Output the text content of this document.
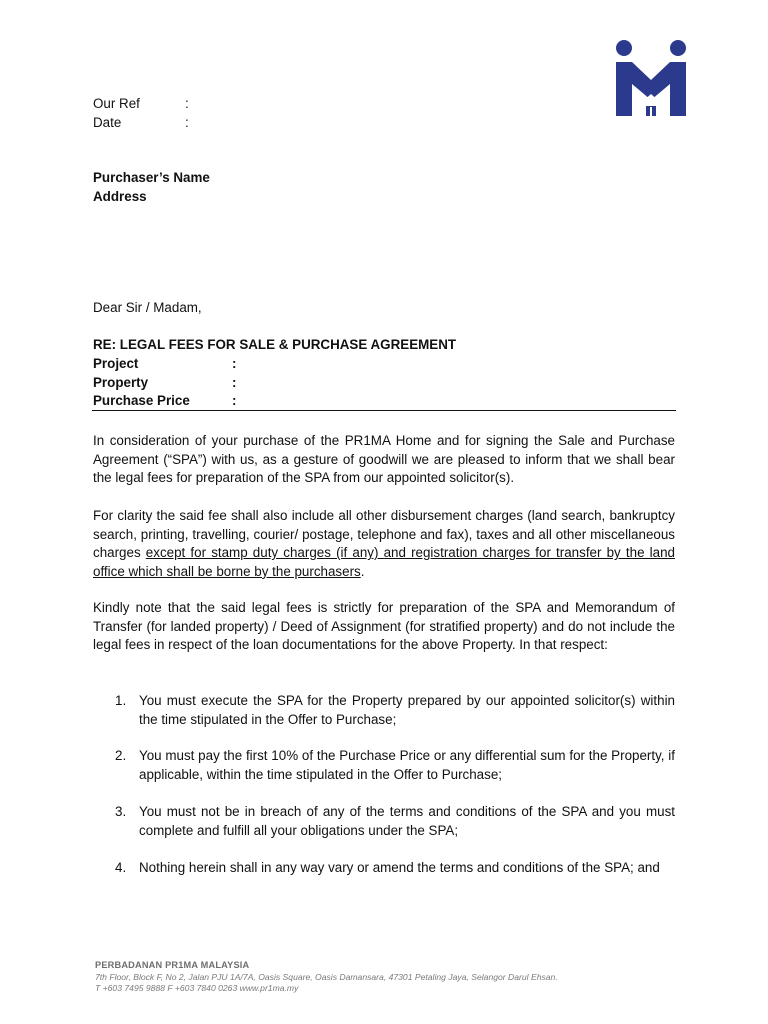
Our Ref	:
Date	:
Purchaser’s Name
Address
Dear Sir / Madam,
RE: LEGAL FEES FOR SALE & PURCHASE AGREEMENT
Project	:
Property	:
Purchase Price	:

In consideration of your purchase of the PR1MA Home and for signing the Sale and Purchase Agreement (“SPA”) with us, as a gesture of goodwill we are pleased to inform that we shall bear the legal fees for preparation of the SPA from our appointed solicitor(s).

For clarity the said fee shall also include all other disbursement charges (land search, bankruptcy search, printing, travelling, courier/ postage, telephone and fax), taxes and all other miscellaneous charges except for stamp duty charges (if any) and registration charges for transfer by the land office which shall be borne by the purchasers.

Kindly note that the said legal fees is strictly for preparation of the SPA and Memorandum of Transfer (for landed property) / Deed of Assignment (for stratified property) and do not include the legal fees in respect of the loan documentations for the above Property. In that respect:

1. You must execute the SPA for the Property prepared by our appointed solicitor(s) within the time stipulated in the Offer to Purchase;
2. You must pay the first 10% of the Purchase Price or any differential sum for the Property, if applicable, within the time stipulated in the Offer to Purchase;
3. You must not be in breach of any of the terms and conditions of the SPA and you must complete and fulfill all your obligations under the SPA;
4. Nothing herein shall in any way vary or amend the terms and conditions of the SPA; and
PERBADANAN PR1MA MALAYSIA
7th Floor, Block F, No 2, Jalan PJU 1A/7A, Oasis Square, Oasis Damansara, 47301 Petaling Jaya, Selangor Darul Ehsan.
T +603 7495 9888 F +603 7840 0263 www.pr1ma.my
